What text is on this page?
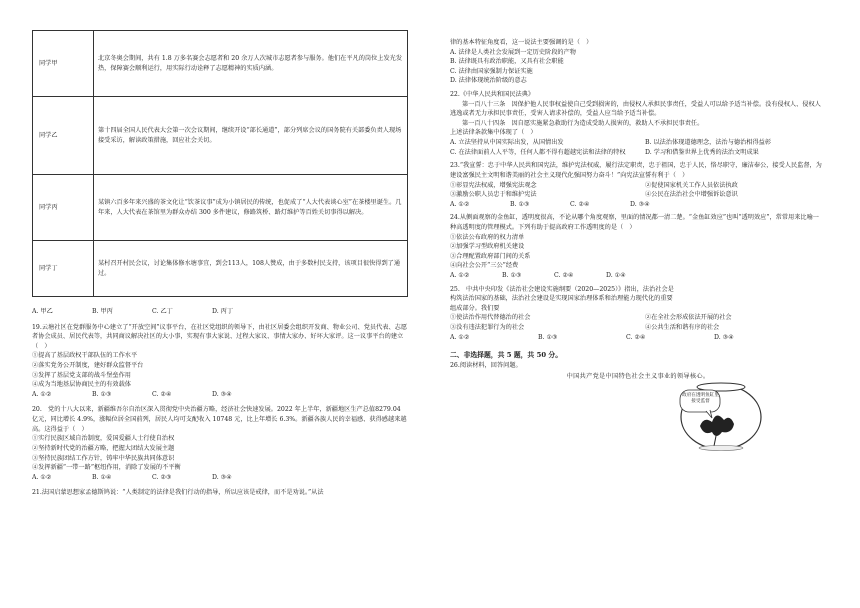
同学甲	北京冬奥会期间，共有 1.8 万多名赛会志愿者和 20 余万人次城市志愿者参与服务。他们在平凡的岗位上发光发热，保障赛会顺利运行，用实际行动诠释了志愿精神的实质内涵。
同学乙	第十四届全国人民代表大会第一次会议期间，继续开设“部长通道”，部分列席会议的国务院有关部委负责人现场接受采访，解读政策措施，回应社会关切。
同学丙	某镇六百多年来兴盛的茶文化让“饮茶议事”成为小镇居民的传统，也促成了“人大代表谈心室”在茶楼里诞生。几年来，人大代表在茶馆里为群众办结 300 多件建议，修路筑桥、路灯维护等百姓关切事得以解决。
同学丁	某村召开村民会议，讨论集体修水塘事宜，到会113人，108人赞成，由于多数村民支持，该项目很快得到了通过。
A. 甲乙	B. 甲丙	C. 乙丁	D. 丙丁

19.云塘社区在党群服务中心建立了“开放空间”议事平台，在社区党组织的领导下，由社区居委会组织开发商、物业公司、党员代表、志愿者协会成员、居民代表等，共同商议解决社区的大小事，实现有事大家说、过程大家议、事情大家办、好坏大家评。这一议事平台的建立（　）

①提高了基层政权干部队伍的工作水平

②落实党务公开制度，建好群众监督平台

③发挥了基层党支部的战斗堡垒作用

④成为当地基层协商民主的有效载体

A. ①②	B. ①③	C. ②④	D. ③④

20.　党的十八大以来，新疆维吾尔自治区深入贯彻党中央治疆方略，经济社会快速发展。2022 年上半年，新疆地区生产总值8279.04 亿元，同比增长 4.9%，涨幅位居全国前列，居民人均可支配收入 10748 元，比上年增长 6.3%。新疆各族人民的幸福感、获得感越来越高。这得益于（　）

①实行民族区域自治制度，爱国爱疆人士行使自治权

②坚持新时代党的治疆方略，把握大团结大发展主题

③坚持民族团结工作方针，铸牢中华民族共同体意识

④发挥新疆“一带一路”枢纽作用，消除了发展的不平衡

A. ①②	B. ①④	C. ②③	D. ③④

21.法国启蒙思想家孟德斯鸠说：“人类制定的法律是我们行动的指导，所以应该是戒律，而不是劝说。”从法

律的基本特征角度看，这一说法主要强调的是（　）

A. 法律是人类社会发展到一定历史阶段的产物

B. 法律既具有政治职能，又具有社会职能

C. 法律由国家强制力保证实施

D. 法律体现统治阶级的意志

22.《中华人民共和国民法典》

第一百八十三条　因保护他人民事权益使自己受到损害的，由侵权人承担民事责任，受益人可以给予适当补偿。没有侵权人、侵权人逃逸或者无力承担民事责任，受害人请求补偿的，受益人应当给予适当补偿。

第一百八十四条　因自愿实施紧急救助行为造成受助人损害的，救助人不承担民事责任。

上述法律条款集中体现了（　）

A. 立法坚持从中国实际出发，从国情出发	B. 以法治体现道德理念，法治与德治相得益彰
C. 在法律面前人人平等，任何人都不得有超越宪法和法律的特权	D. 学习和借鉴世界上优秀的法治文明成果

23.“我宣誓：忠于中华人民共和国宪法，维护宪法权威，履行法定职责，忠于祖国，忠于人民，恪尽职守，廉洁奉公，接受人民监督，为建设富强民主文明和谐美丽的社会主义现代化强国努力奋斗！”向宪法宣誓有利于（　）

①彰显宪法权威，增强宪法观念	②促使国家机关工作人员依法执政
③激励公职人员忠于和维护宪法	④公民在法治社会中增强诉讼意识
A. ①②	B. ①③	C. ②④	D. ③④

24.从侧面观察的金鱼缸，透明度很高，不论从哪个角度观察，里面的情况都一清二楚。“金鱼缸效应”也叫“透明效应”，常常用来比喻一种高透明度的管理模式。下列有助于提高政府工作透明度的是（　）

①依法公布政府的权力清单

②加强学习型政府机关建设

③合理配置政府部门间的关系

④向社会公开“三公”经费

A. ①②	B. ①③	C. ②④	D. ①④

25.　中共中央印发《法治社会建设实施纲要（2020—2025）》指出，法治社会是构筑法治国家的基础，法治社会建设是实现国家治理体系和治理能力现代化的重要组成部分。我们要

①使法治作用代替德治的社会	②在全社会形成依法开展的社会
③没有违法犯罪行为的社会	④公共生活和谐有序的社会
A. ①②	B. ①③	C. ②④	D. ③④

二、非选择题，共 5 题，共 50 分。

26.阅读材料，回答问题。

中国共产党是中国特色社会主义事业的领导核心。

政府在透明鱼缸里接受监督
